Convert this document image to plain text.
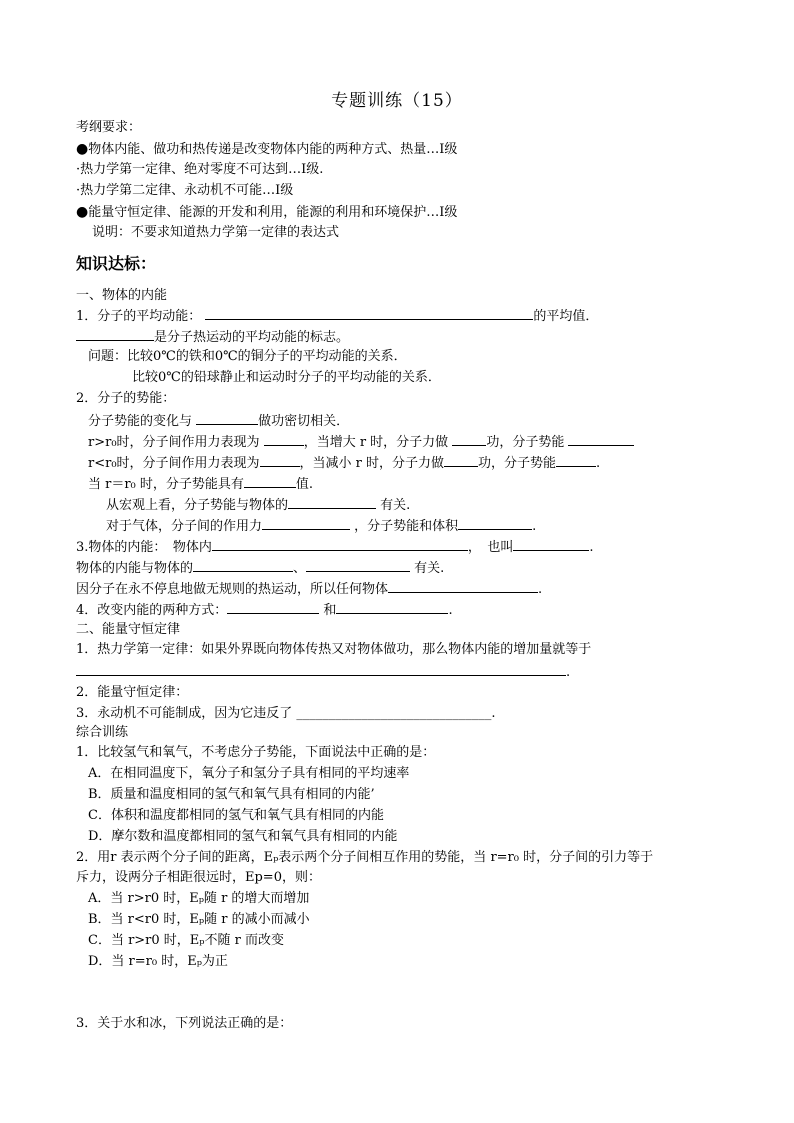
专题训练（15）
考纲要求：
●物体内能、做功和热传递是改变物体内能的两种方式、热量…Ⅰ级
·热力学第一定律、绝对零度不可达到…Ⅰ级.
·热力学第二定律、永动机不可能…Ⅰ级
●能量守恒定律、能源的开发和利用，能源的利用和环境保护…Ⅰ级
说明：不要求知道热力学第一定律的表达式
知识达标：
一、物体的内能
1．分子的平均动能：	的平均值．
是分子热运动的平均动能的标志。
问题：比较0℃的铁和0℃的铜分子的平均动能的关系．
比较0℃的铅球静止和运动时分子的平均动能的关系．
2．分子的势能：
分子势能的变化与	做功密切相关．
r>r₀时，分子间作用力表现为	，当增大 r 时，分子力做	功，分子势能
r<r₀时，分子间作用力表现为	，当减小 r 时，分子力做	功，分子势能	.
当 r＝r₀ 时，分子势能具有	值.
从宏观上看，分子势能与物体的	有关.
对于气体，分子间的作用力	，分子势能和体积	.
3.物体的内能：　物体内	，　也叫	.
物体的内能与物体的	、	有关.
因分子在永不停息地做无规则的热运动，所以任何物体	.
4．改变内能的两种方式：	和	.
二、能量守恒定律
1．热力学第一定律：如果外界既向物体传热又对物体做功，那么物体内能的增加量就等于
.
2．能量守恒定律：
3．永动机不可能制成，因为它违反了 ______________________________.
综合训练
1．比较氢气和氧气，不考虑分子势能，下面说法中正确的是：
A．在相同温度下，氧分子和氢分子具有相同的平均速率
B．质量和温度相同的氢气和氧气具有相同的内能’
C．体积和温度都相同的氢气和氧气具有相同的内能
D．摩尔数和温度都相同的氢气和氧气具有相同的内能
2．用r 表示两个分子间的距离，Eₚ表示两个分子间相互作用的势能，当 r=r₀ 时，分子间的引力等于
斥力，设两分子相距很远时，Ep=0，则：
A．当 r>r0 时，Eₚ随 r 的增大而增加
B．当 r<r0 时，Eₚ随 r 的减小而减小
C．当 r>r0 时，Eₚ不随 r 而改变
D．当 r=r₀ 时，Eₚ为正
3．关于水和冰，下列说法正确的是：
